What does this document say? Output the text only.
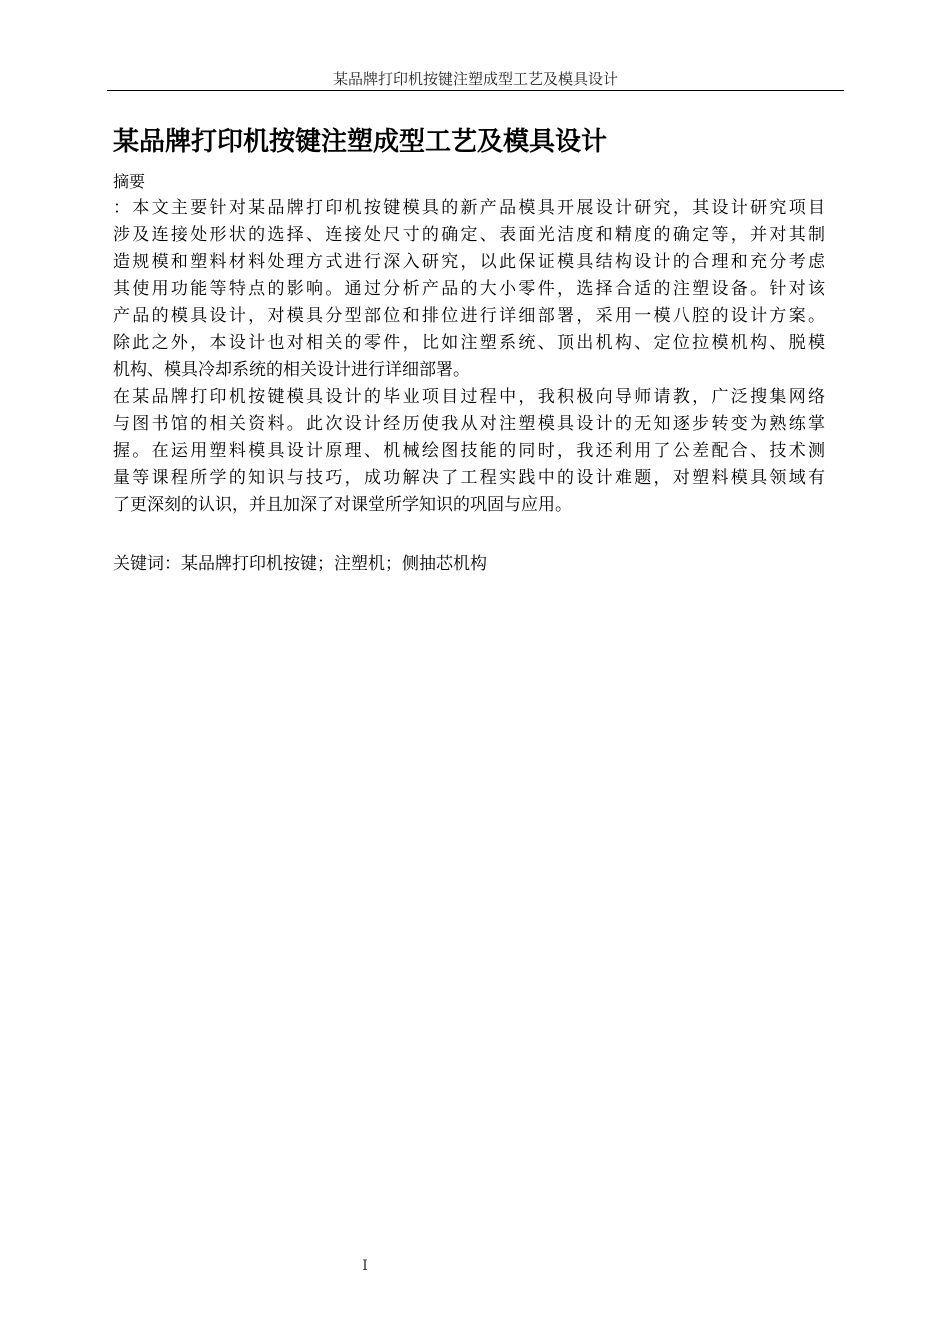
某品牌打印机按键注塑成型工艺及模具设计
某品牌打印机按键注塑成型工艺及模具设计
摘要
：本文主要针对某品牌打印机按键模具的新产品模具开展设计研究，其设计研究项目
涉及连接处形状的选择、连接处尺寸的确定、表面光洁度和精度的确定等，并对其制
造规模和塑料材料处理方式进行深入研究，以此保证模具结构设计的合理和充分考虑
其使用功能等特点的影响。通过分析产品的大小零件，选择合适的注塑设备。针对该
产品的模具设计，对模具分型部位和排位进行详细部署，采用一模八腔的设计方案。
除此之外，本设计也对相关的零件，比如注塑系统、顶出机构、定位拉模机构、脱模
机构、模具冷却系统的相关设计进行详细部署。
在某品牌打印机按键模具设计的毕业项目过程中，我积极向导师请教，广泛搜集网络
与图书馆的相关资料。此次设计经历使我从对注塑模具设计的无知逐步转变为熟练掌
握。在运用塑料模具设计原理、机械绘图技能的同时，我还利用了公差配合、技术测
量等课程所学的知识与技巧，成功解决了工程实践中的设计难题，对塑料模具领域有
了更深刻的认识，并且加深了对课堂所学知识的巩固与应用。
关键词：某品牌打印机按键；注塑机；侧抽芯机构
I
